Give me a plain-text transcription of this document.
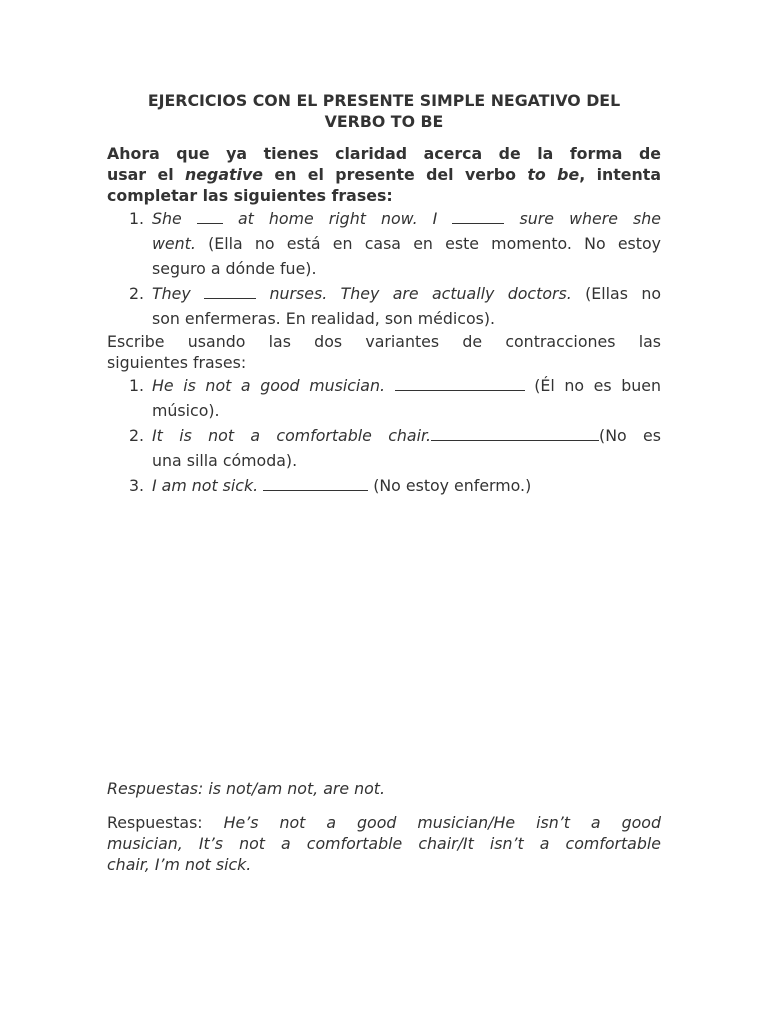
EJERCICIOS CON EL PRESENTE SIMPLE NEGATIVO DEL
VERBO TO BE
Ahora que ya tienes claridad acerca de la forma de
usar el negative en el presente del verbo to be, intenta
completar las siguientes frases:
1. She	at home right now. I	sure where she
went. (Ella no está en casa en este momento. No estoy
seguro a dónde fue).
2. They	nurses. They are actually doctors. (Ellas no
son enfermeras. En realidad, son médicos).
Escribe usando las dos variantes de contracciones las
siguientes frases:
1. He is not a good musician.	(Él no es buen
músico).
2. It is not a comfortable chair.	(No es
una silla cómoda).
3. I am not sick.	(No estoy enfermo.)
Respuestas: is not/am not, are not.
Respuestas: He’s not a good musician/He isn’t a good
musician, It’s not a comfortable chair/It isn’t a comfortable
chair, I’m not sick.
